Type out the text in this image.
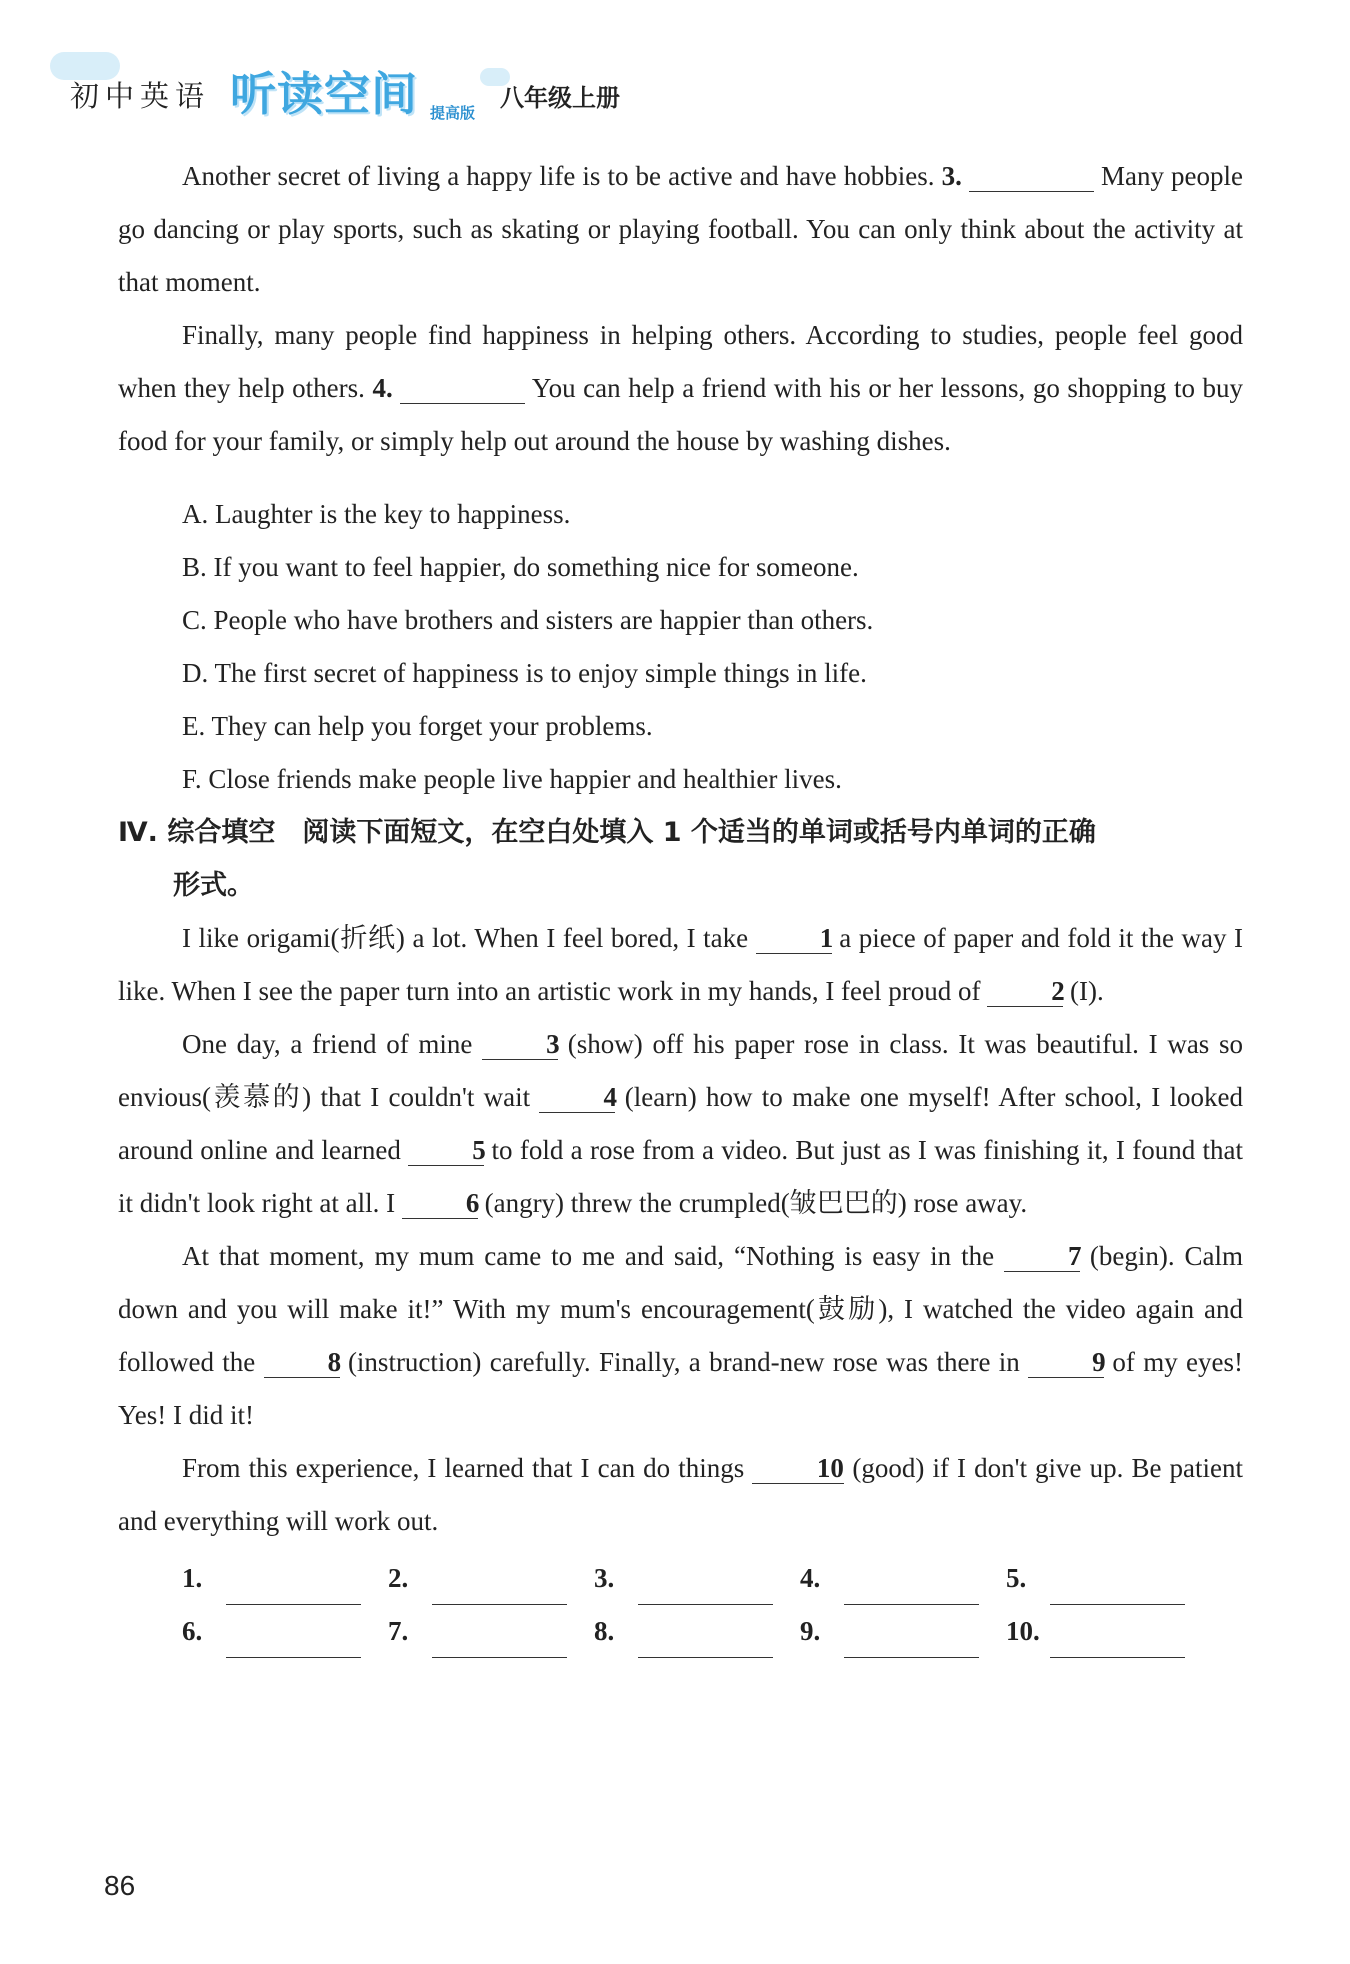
初中英语 听读空间 提高版
八年级上册

Another secret of living a happy life is to be active and have hobbies. 3.	Many people go dancing or play sports, such as skating or playing football. You can only think about the activity at that moment.

Finally, many people find happiness in helping others. According to studies, people feel good when they help others. 4.	You can help a friend with his or her lessons, go shopping to buy food for your family, or simply help out around the house by washing dishes.

A. Laughter is the key to happiness.

B. If you want to feel happier, do something nice for someone.

C. People who have brothers and sisters are happier than others.

D. The first secret of happiness is to enjoy simple things in life.

E. They can help you forget your problems.

F. Close friends make people live happier and healthier lives.

Ⅳ. 综合填空　阅读下面短文，在空白处填入 1 个适当的单词或括号内单词的正确
形式。

I like origami(折纸) a lot. When I feel bored, I take	1 a piece of paper and fold it the way I like. When I see the paper turn into an artistic work in my hands, I feel proud of	2 (I).

One day, a friend of mine	3 (show) off his paper rose in class. It was beautiful. I was so envious(羡慕的) that I couldn't wait	4 (learn) how to make one myself! After school, I looked around online and learned	5 to fold a rose from a video. But just as I was finishing it, I found that it didn't look right at all. I	6 (angry) threw the crumpled(皱巴巴的) rose away.

At that moment, my mum came to me and said, “Nothing is easy in the	7 (begin). Calm down and you will make it!” With my mum's encouragement(鼓励), I watched the video again and followed the	8 (instruction) carefully. Finally, a brand-new rose was there in	9 of my eyes! Yes! I did it!

From this experience, I learned that I can do things	10 (good) if I don't give up. Be patient and everything will work out.

1.	2.	3.	4.	5.
6.	7.	8.	9.	10.
86
